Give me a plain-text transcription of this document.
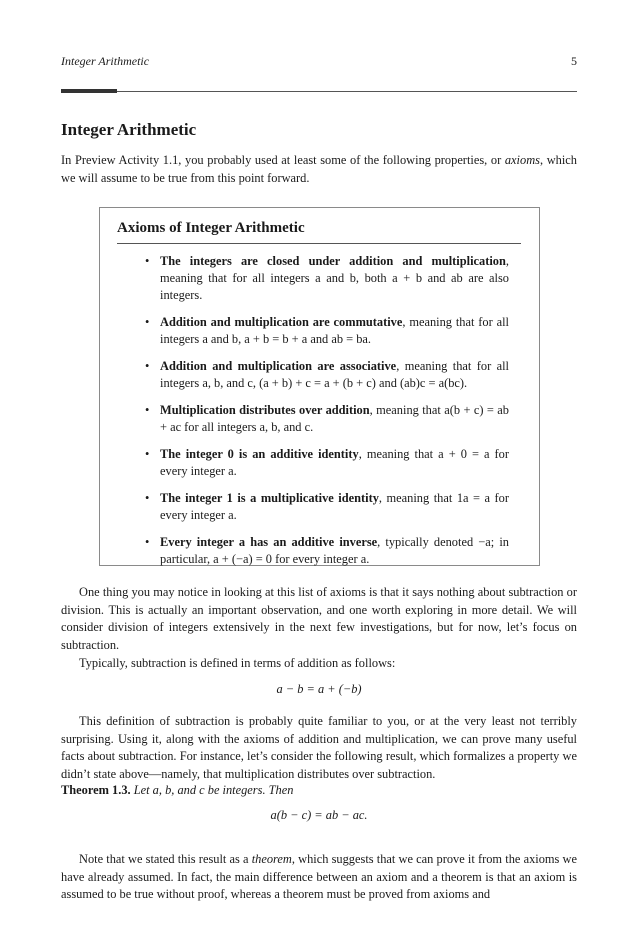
Integer Arithmetic	5
Integer Arithmetic

In Preview Activity 1.1, you probably used at least some of the following properties, or axioms, which we will assume to be true from this point forward.

Axioms of Integer Arithmetic
• The integers are closed under addition and multiplication, meaning that for all integers a and b, both a + b and ab are also integers.
• Addition and multiplication are commutative, meaning that for all integers a and b, a + b = b + a and ab = ba.
• Addition and multiplication are associative, meaning that for all integers a, b, and c, (a + b) + c = a + (b + c) and (ab)c = a(bc).
• Multiplication distributes over addition, meaning that a(b + c) = ab + ac for all integers a, b, and c.
• The integer 0 is an additive identity, meaning that a + 0 = a for every integer a.
• The integer 1 is a multiplicative identity, meaning that 1a = a for every integer a.
• Every integer a has an additive inverse, typically denoted −a; in particular, a + (−a) = 0 for every integer a.

One thing you may notice in looking at this list of axioms is that it says nothing about subtraction or division. This is actually an important observation, and one worth exploring in more detail. We will consider division of integers extensively in the next few investigations, but for now, let’s focus on subtraction.

Typically, subtraction is defined in terms of addition as follows:

a − b = a + (−b)

This definition of subtraction is probably quite familiar to you, or at the very least not terribly surprising. Using it, along with the axioms of addition and multiplication, we can prove many useful facts about subtraction. For instance, let’s consider the following result, which formalizes a property we didn’t state above—namely, that multiplication distributes over subtraction.

Theorem 1.3. Let a, b, and c be integers. Then

a(b − c) = ab − ac.

Note that we stated this result as a theorem, which suggests that we can prove it from the axioms we have already assumed. In fact, the main difference between an axiom and a theorem is that an axiom is assumed to be true without proof, whereas a theorem must be proved from axioms and
